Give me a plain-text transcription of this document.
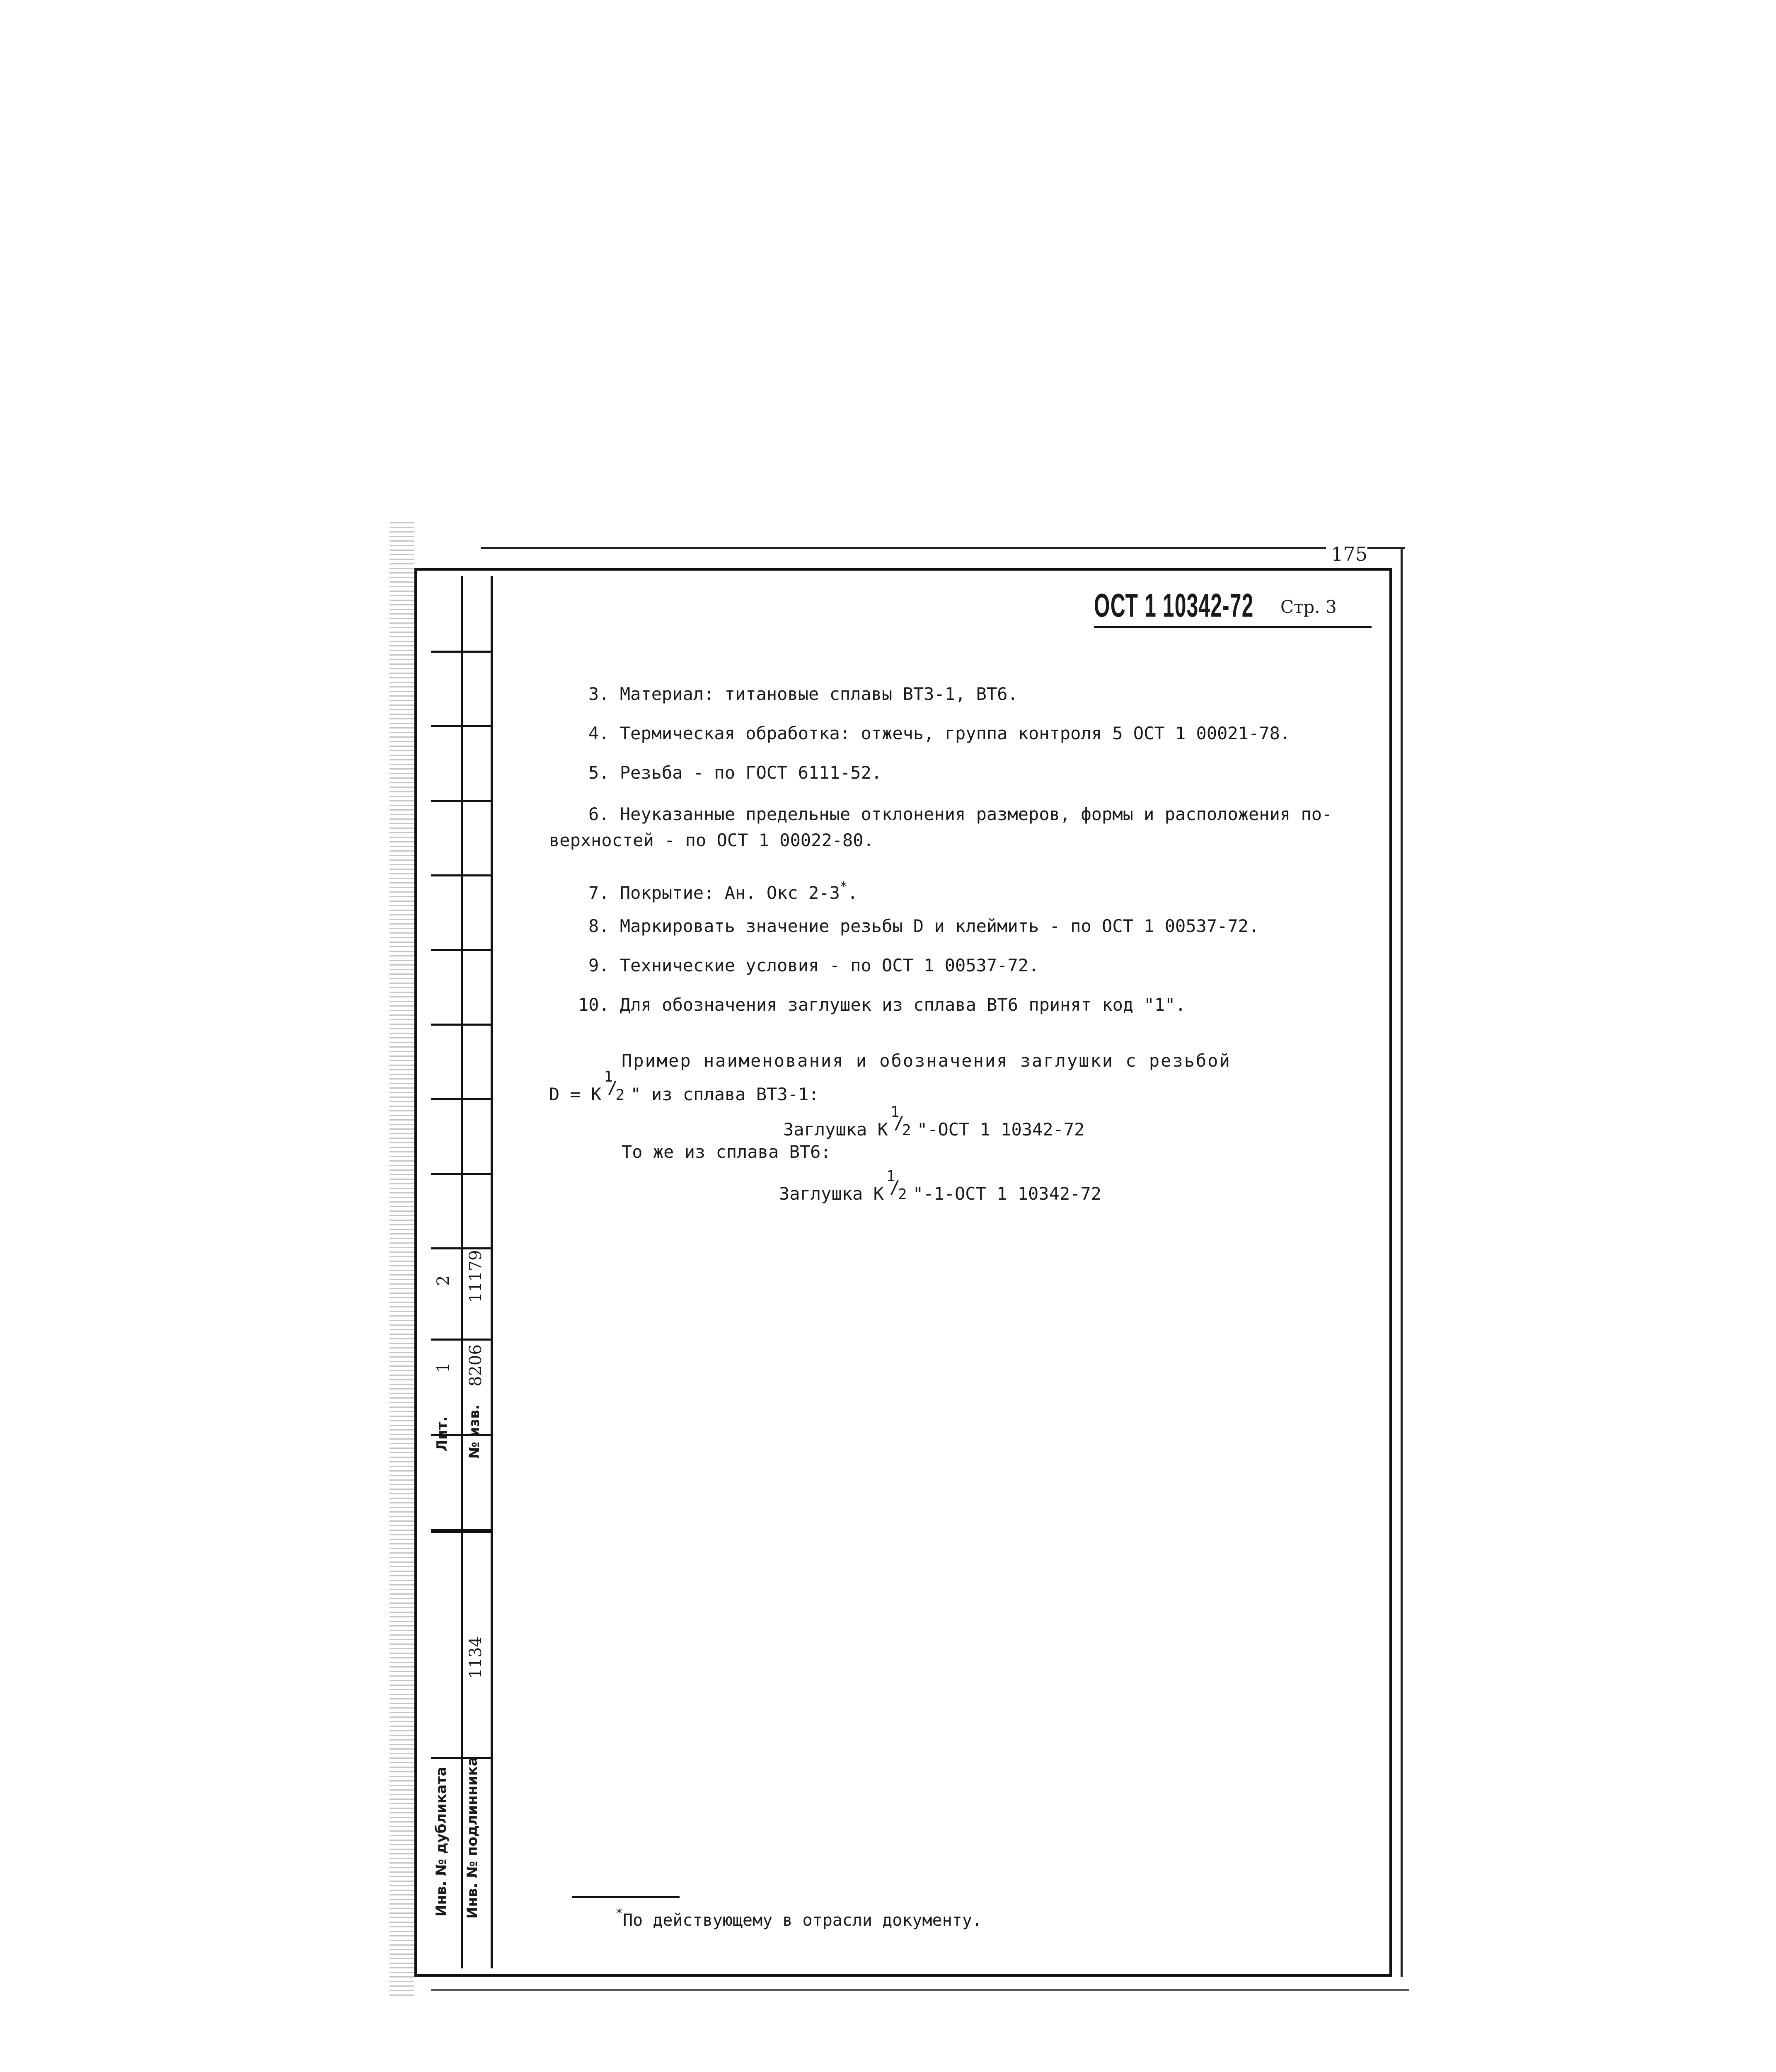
175
Лит.
1
2
№ изв.
8206
11179
Инв. № дубликата Инв. № подлинника
1134
ОСТ 1 10342-72 Стр. 3
3. Материал: титановые сплавы ВТ3-1, ВТ6.
4. Термическая обработка: отжечь, группа контроля 5 ОСТ 1 00021-78.
5. Резьба - по ГОСТ 6111-52.
6. Неуказанные предельные отклонения размеров, формы и расположения по-
верхностей - по ОСТ 1 00022-80.
7. Покрытие: Ан. Окс 2-3*.
8. Маркировать значение резьбы D и клеймить - по ОСТ 1 00537-72.
9. Технические условия - по ОСТ 1 00537-72.
10. Для обозначения заглушек из сплава ВТ6 принят код "1".
Пример наименования и обозначения заглушки с резьбой
D = K
1
/
2 " из сплава ВТ3-1:
Заглушка K
1
/
2 "-ОСТ 1 10342-72
То же из сплава ВТ6:
Заглушка K
1
/
2 "-1-ОСТ 1 10342-72
*По действующему в отрасли документу.
